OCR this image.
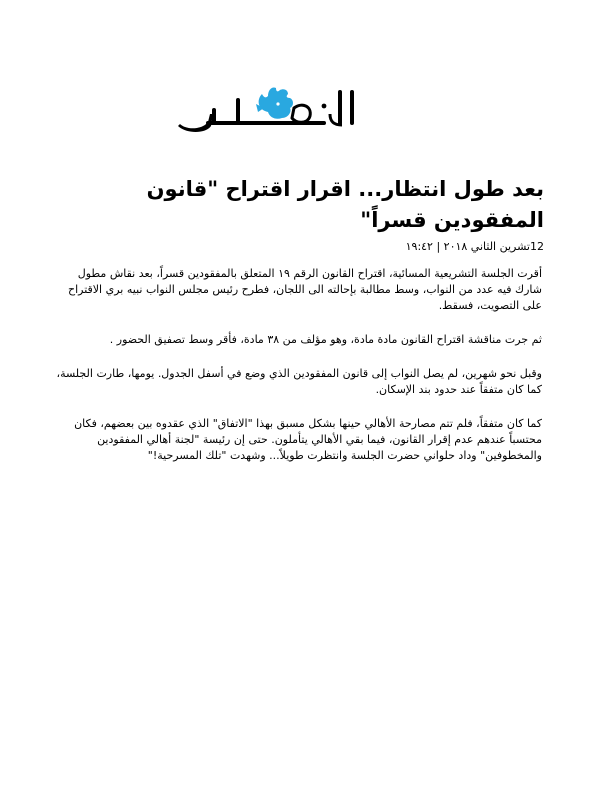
بعد طول انتظار... اقرار اقتراح "قانون المفقودين قسراً"
12تشرين الثاني ٢٠١٨ | ١٩:٤٢

أقرت الجلسة التشريعية المسائية، اقتراح القانون الرقم ١٩ المتعلق بالمفقودين قسراً، بعد نقاش مطول شارك فيه عدد من النواب، وسط مطالبة بإحالته الى اللجان، فطرح رئيس مجلس النواب نبيه بري الاقتراح على التصويت، فسقط.

ثم جرت مناقشة اقتراح القانون مادة مادة، وهو مؤلف من ٣٨ مادة، فأقر وسط تصفيق الحضور .

وقبل نحو شهرين، لم يصل النواب إلى قانون المفقودين الذي وضع في أسفل الجدول. يومها، طارت الجلسة، كما كان متفقاً عند حدود بند الإسكان.

كما كان متفقاً، فلم تتم مصارحة الأهالي حينها بشكل مسبق بهذا "الاتفاق" الذي عقدوه بين بعضهم، فكان محتسباً عندهم عدم إقرار القانون، فيما بقي الأهالي يتأملون. حتى إن رئيسة "لجنة أهالي المفقودين والمخطوفين" وداد حلواني حضرت الجلسة وانتظرت طويلاً... وشهدت "تلك المسرحية!"
